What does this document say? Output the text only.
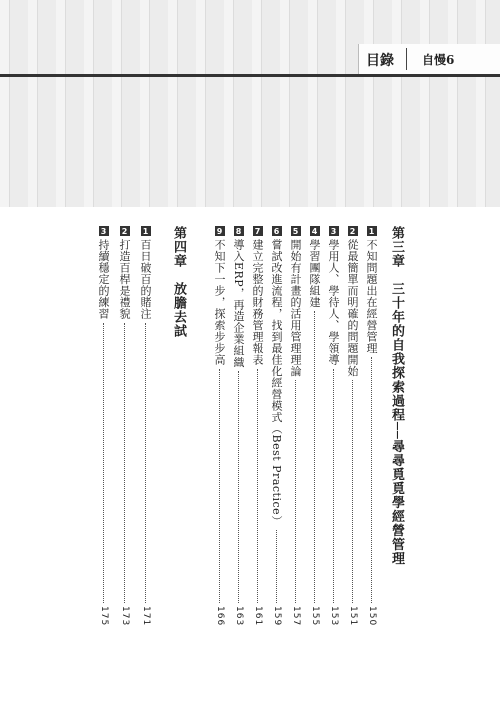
目錄 自慢6
第三章　三十年的自我探索過程──尋尋覓覓學經營管理
1
不知問題出在經營管理
150
2
從最簡單而明確的問題開始
151
3
學用人、學待人、學領導
153
4
學習團隊組建
155
5
開始有計畫的活用管理理論
157
6
嘗試改進流程，找到最佳化經營模式（Best Practice）
159
7
建立完整的財務管理報表
161
8
導入ERP，再造企業組織
163
9
不知下一步，探索步步高
166
第四章　放膽去試
1
百日破百的賭注
171
2
打造百桿是禮貌
173
3
持續穩定的練習
175
